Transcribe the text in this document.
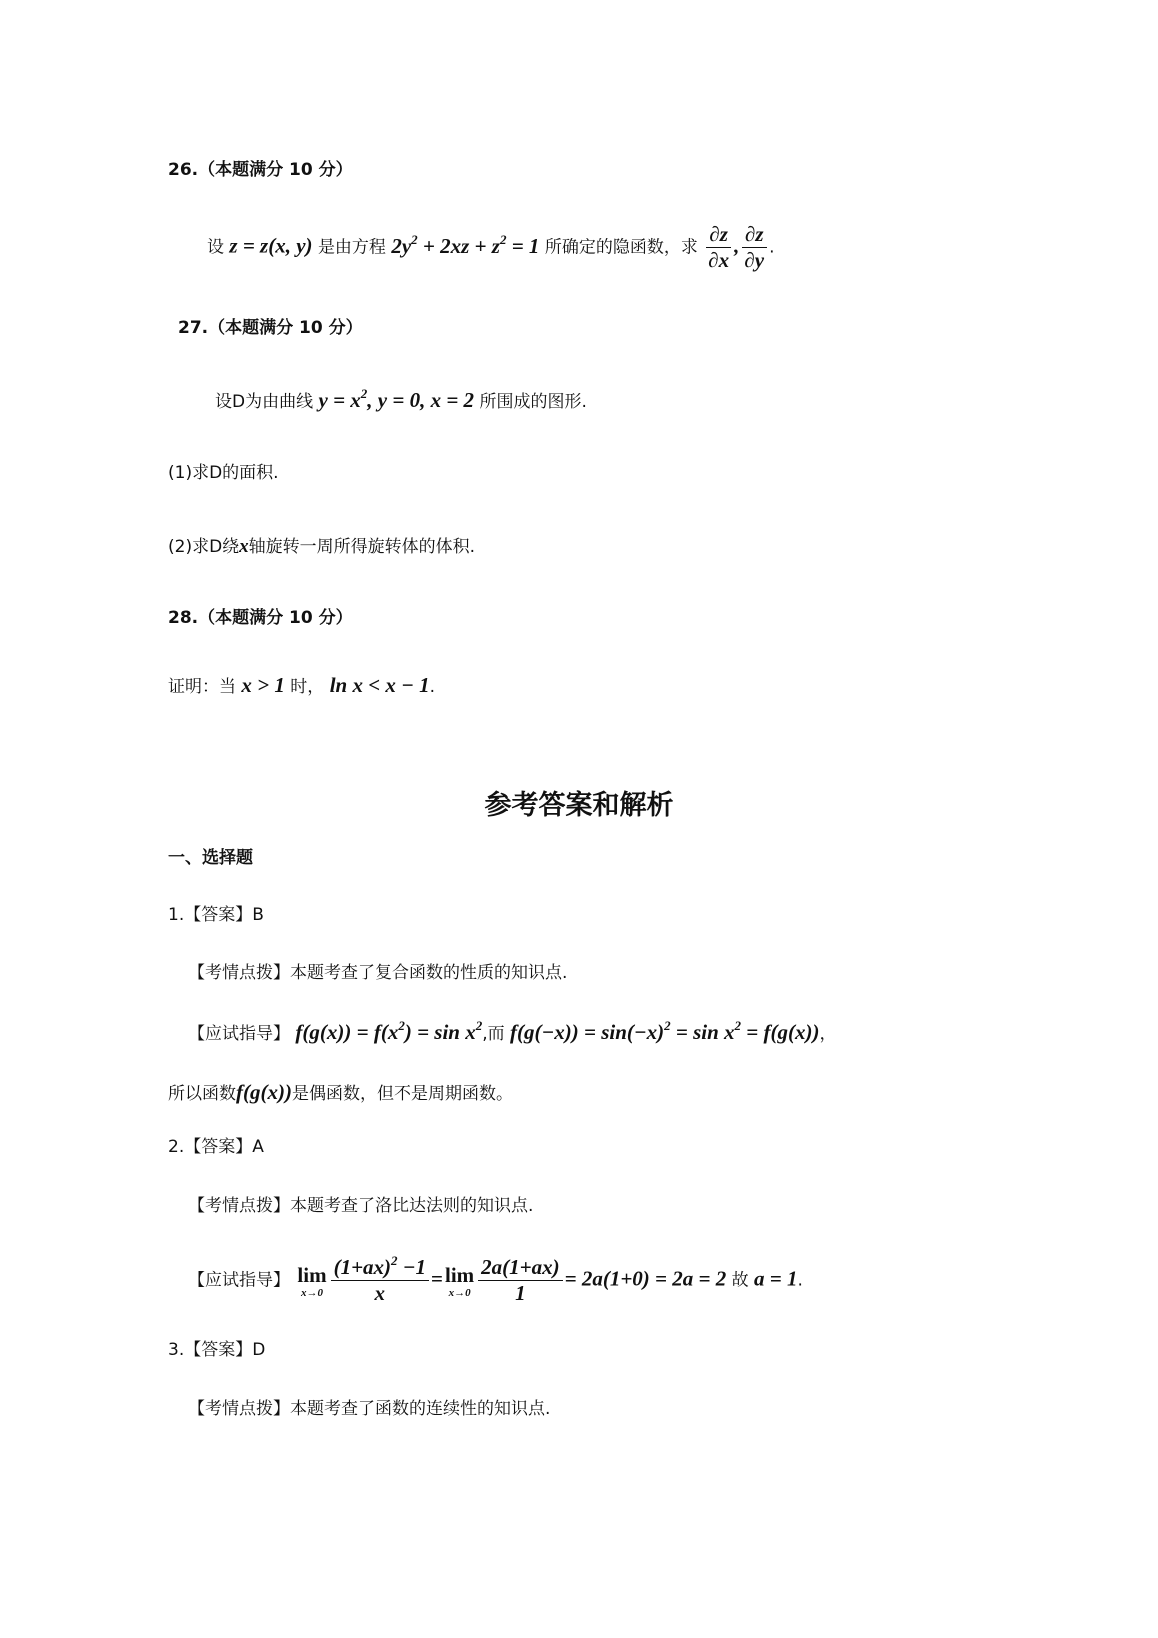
26.（本题满分 10 分）
设 z = z(x, y) 是由方程 $2y^2 + 2xz + z^2 = 1$ 所确定的隐函数，求 $\frac{\partial z}{\partial x}$ , $\frac{\partial z}{\partial y}$ .
27.（本题满分 10 分）
设D为由曲线 $y = x^2$, y = 0, x = 2 所围成的图形.
(1)求D的面积.
(2)求D绕x轴旋转一周所得旋转体的体积.
28.（本题满分 10 分）
证明：当 x > 1 时， ln x < x − 1.
参考答案和解析
一、选择题
1.【答案】B
【考情点拨】本题考查了复合函数的性质的知识点.
【应试指导】 $f(g(x)) = f(x^2) = \sin x^2$,而 $f(g(-x)) = \sin(-x)^2 = \sin x^2 = f(g(x))$，
所以函数f(g(x))是偶函数，但不是周期函数。
2.【答案】A
【考情点拨】本题考查了洛比达法则的知识点.
【应试指导】 lim
$x\to 0 \frac{(1+ax)^2 -1}{x} = \lim$
$x\to 0 \frac{2a(1+ax)}{1} = 2a(1+0) = 2a = 2$ 故 a = 1.
3.【答案】D
【考情点拨】本题考查了函数的连续性的知识点.
